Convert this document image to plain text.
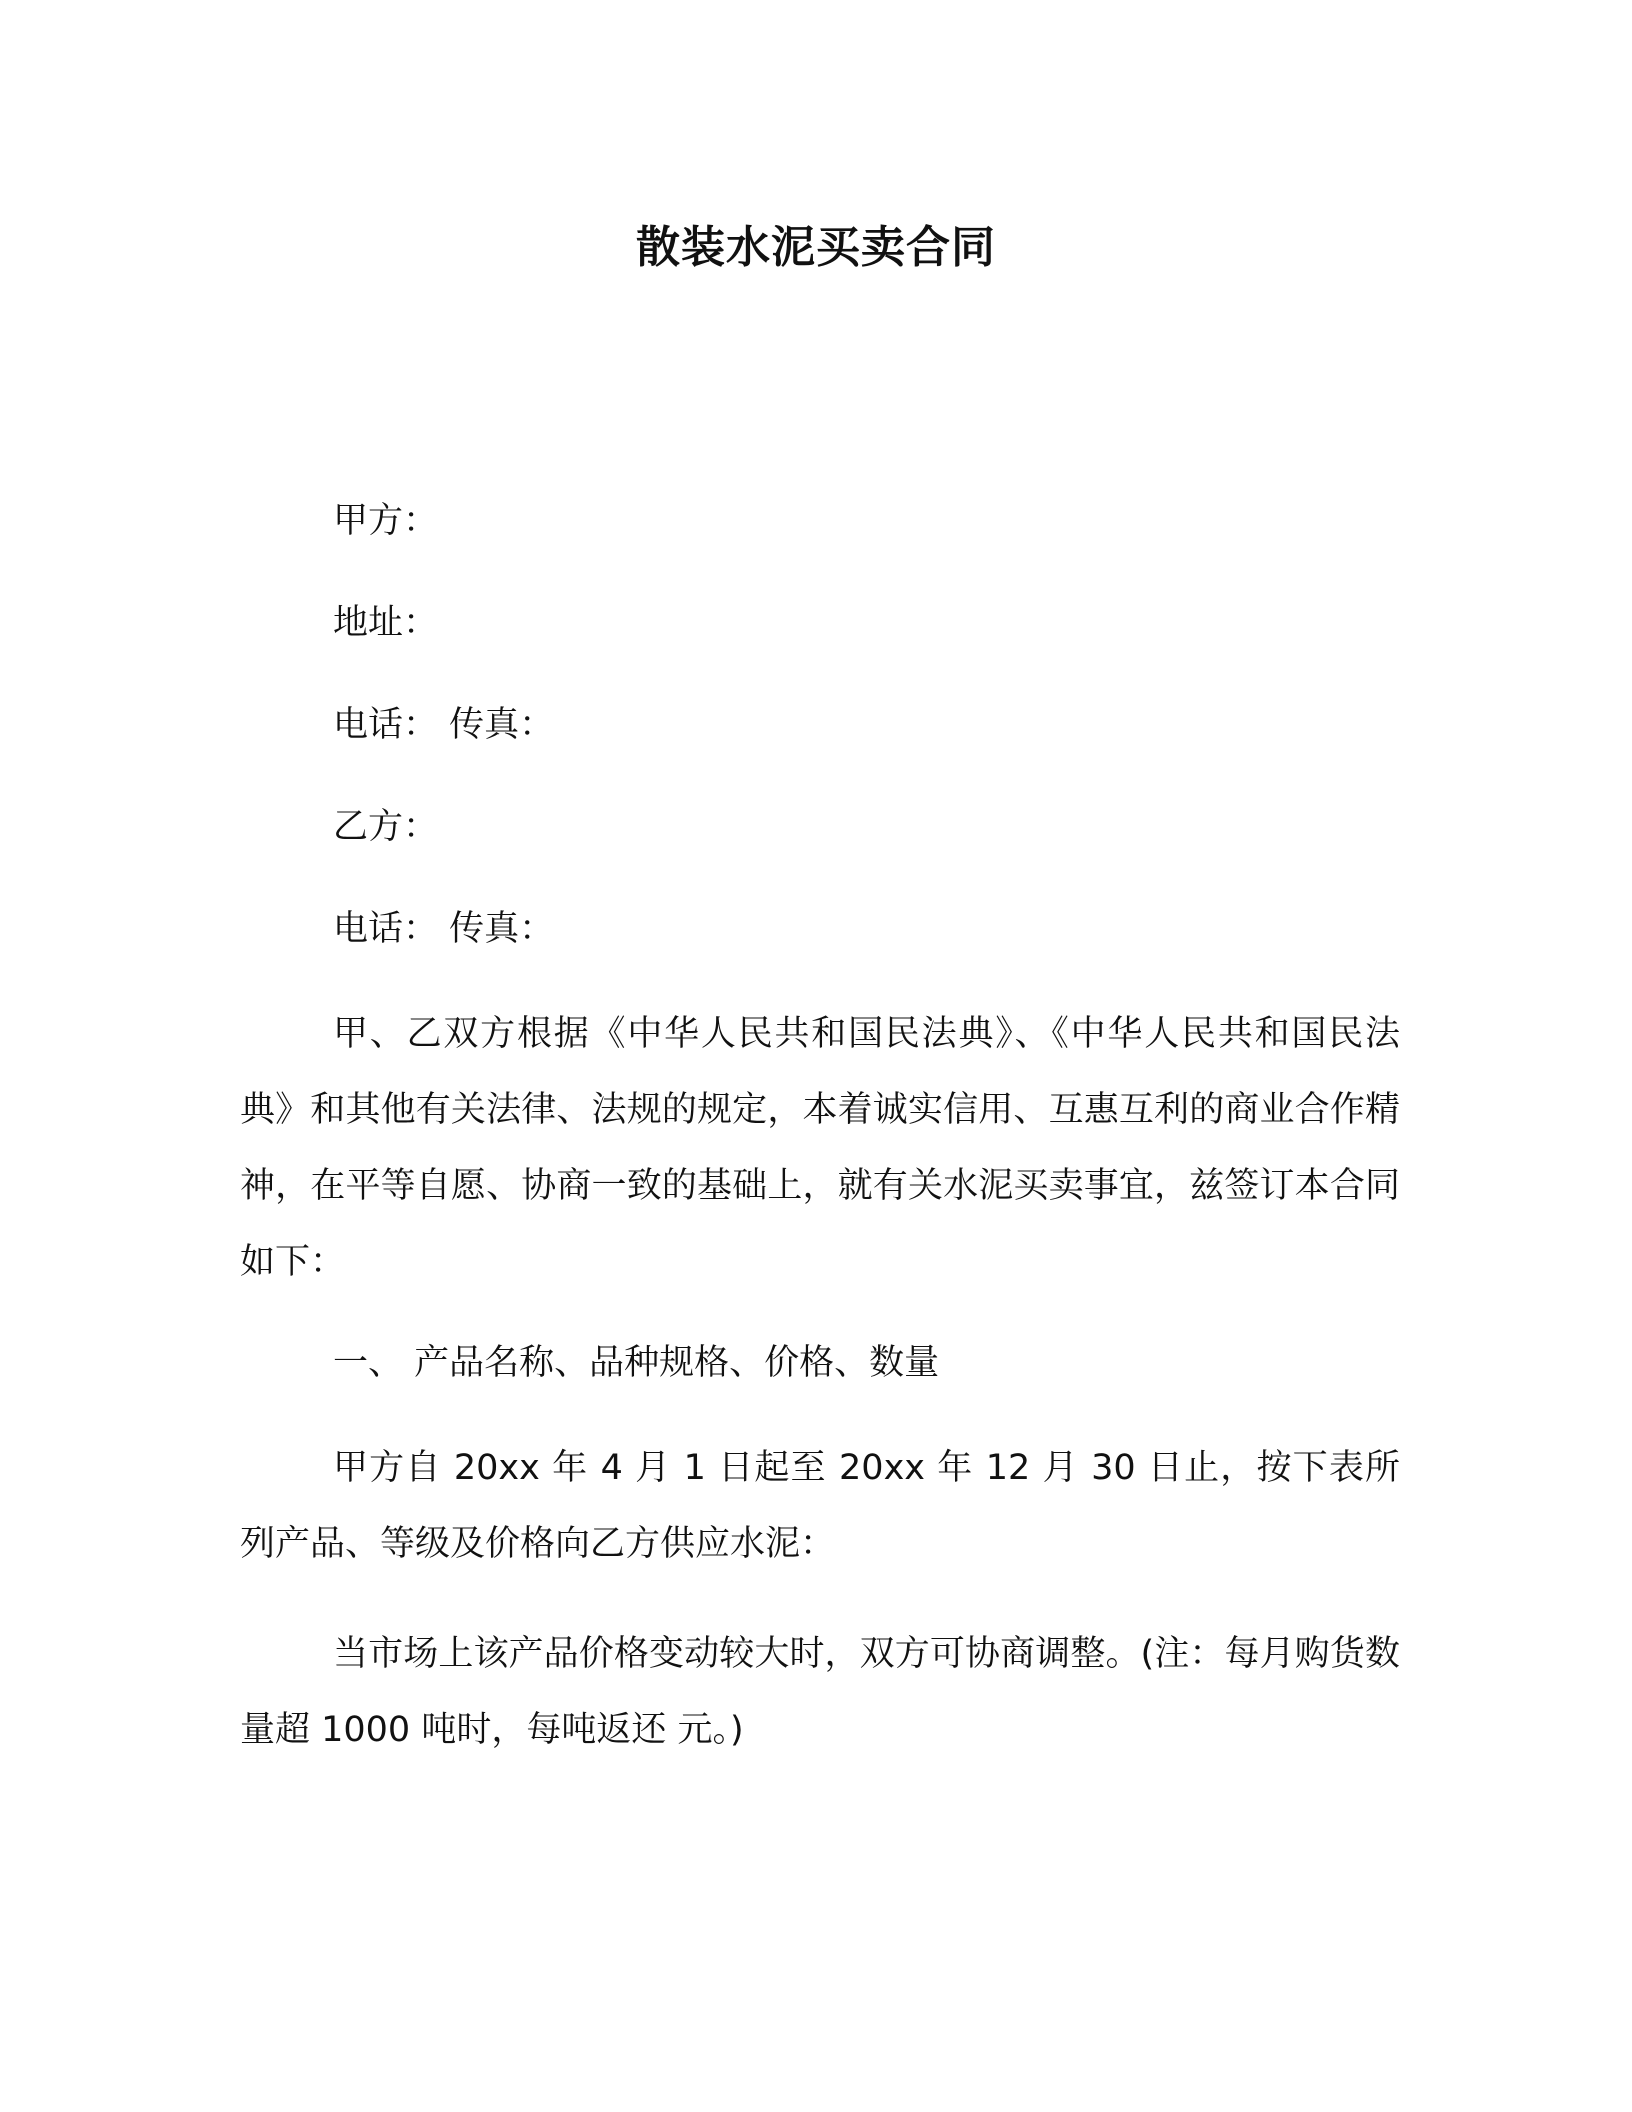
散装水泥买卖合同
甲方：
地址：
电话： 传真：
乙方：
电话： 传真：
甲、乙双方根据《中华人民共和国民法典》、《中华人民共和国民法典》和其他有关法律、法规的规定，本着诚实信用、互惠互利的商业合作精神，在平等自愿、协商一致的基础上，就有关水泥买卖事宜，兹签订本合同如下：
一、 产品名称、品种规格、价格、数量
甲方自 20xx 年 4 月 1 日起至 20xx 年 12 月 30 日止，按下表所列产品、等级及价格向乙方供应水泥：
当市场上该产品价格变动较大时，双方可协商调整。(注：每月购货数量超 1000 吨时，每吨返还 元。)
